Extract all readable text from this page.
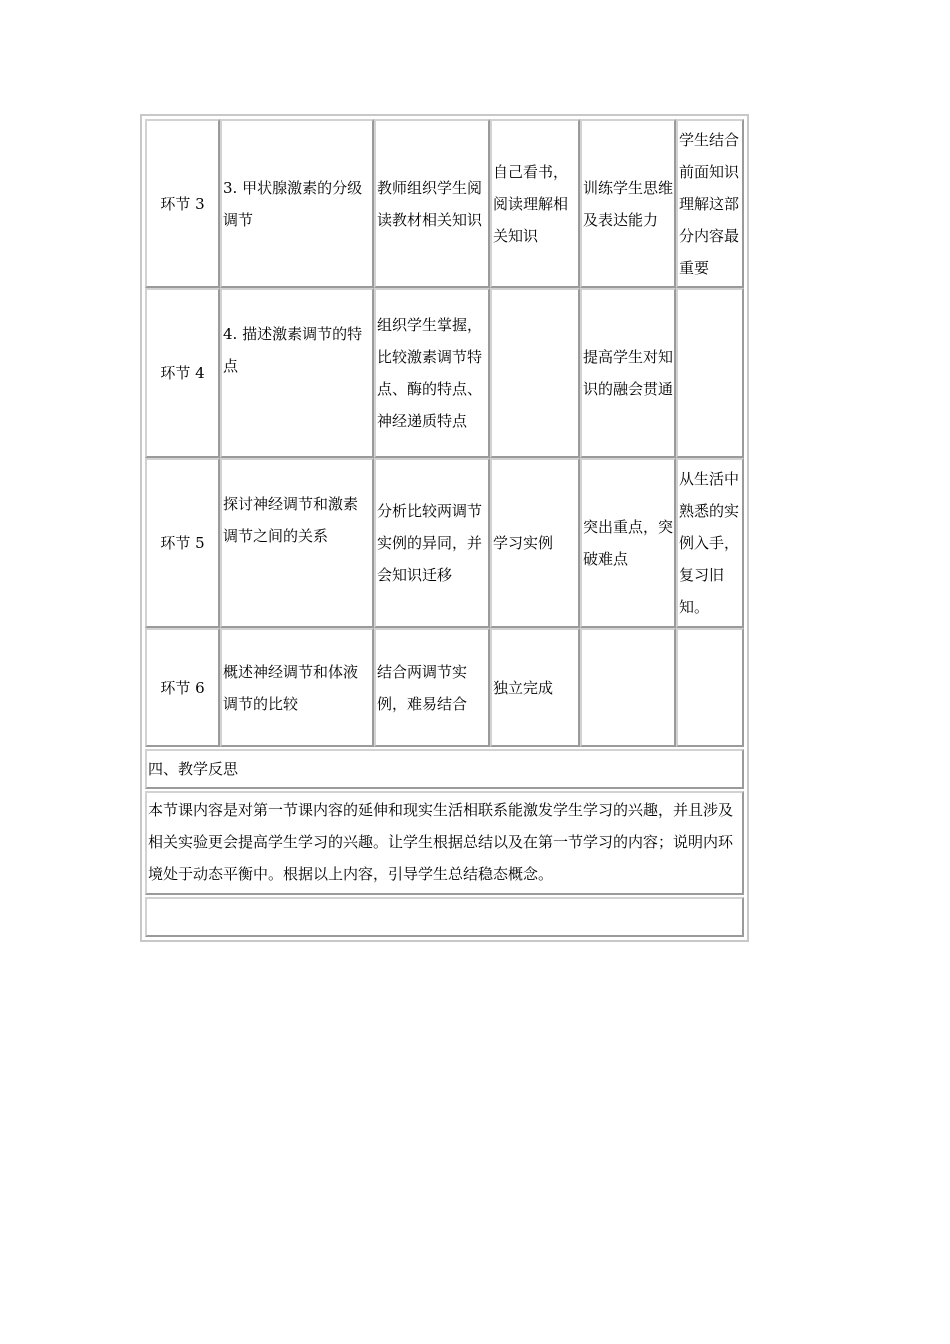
环节 3
3. 甲状腺激素的分级调节
教师组织学生阅读教材相关知识
自己看书，阅读理解相关知识
训练学生思维及表达能力
学生结合前面知识理解这部分内容最重要
环节 4
4. 描述激素调节的特点
组织学生掌握，比较激素调节特点、酶的特点、神经递质特点
提高学生对知识的融会贯通
环节 5
探讨神经调节和激素调节之间的关系
分析比较两调节实例的异同，并会知识迁移
学习实例
突出重点，突破难点
从生活中熟悉的实例入手，复习旧知。
环节 6
概述神经调节和体液调节的比较
结合两调节实例，难易结合
独立完成
四、教学反思
本节课内容是对第一节课内容的延伸和现实生活相联系能激发学生学习的兴趣，并且涉及相关实验更会提高学生学习的兴趣。让学生根据总结以及在第一节学习的内容；说明内环境处于动态平衡中。根据以上内容，引导学生总结稳态概念。
